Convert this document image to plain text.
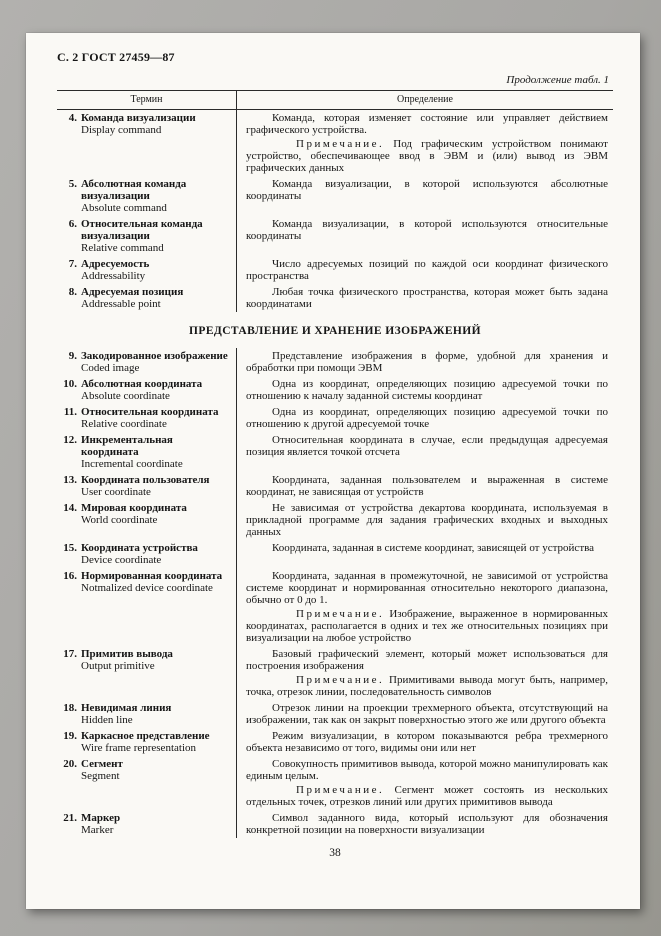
С. 2 ГОСТ 27459—87
Продолжение табл. 1
Термин	Определение
4. Команда визуализации
Display command

Команда, которая изменяет состояние или управляет действием графического устройства.

Примечание. Под графическим устройством понимают устройство, обеспечивающее ввод в ЭВМ и (или) вывод из ЭВМ графических данных

5. Абсолютная команда визуализации
Absolute command

Команда визуализации, в которой используются абсолютные координаты

6. Относительная команда визуализации
Relative command

Команда визуализации, в которой используются относительные координаты

7. Адресуемость
Addressability

Число адресуемых позиций по каждой оси координат физического пространства

8. Адресуемая позиция
Addressable point

Любая точка физического пространства, которая может быть задана координатами

ПРЕДСТАВЛЕНИЕ И ХРАНЕНИЕ ИЗОБРАЖЕНИЙ
9. Закодированное изображение
Coded image

Представление изображения в форме, удобной для хранения и обработки при помощи ЭВМ

10. Абсолютная координата
Absolute coordinate

Одна из координат, определяющих позицию адресуемой точки по отношению к началу заданной системы координат

11. Относительная координата
Relative coordinate

Одна из координат, определяющих позицию адресуемой точки по отношению к другой адресуемой точке

12. Инкрементальная координата
Incremental coordinate

Относительная координата в случае, если предыдущая адресуемая позиция является точкой отсчета

13. Координата пользователя
User coordinate

Координата, заданная пользователем и выраженная в системе координат, не зависящая от устройств

14. Мировая координата
World coordinate

Не зависимая от устройства декартова координата, используемая в прикладной программе для задания графических входных и выходных данных

15. Координата устройства
Device coordinate

Координата, заданная в системе координат, зависящей от устройства

16. Нормированная координата
Notmalized device coordinate

Координата, заданная в промежуточной, не зависимой от устройства системе координат и нормированная относительно некоторого диапазона, обычно от 0 до 1.

Примечание. Изображение, выраженное в нормированных координатах, располагается в одних и тех же относительных позициях при визуализации на любое устройство

17. Примитив вывода
Output primitive

Базовый графический элемент, который может использоваться для построения изображения

Примечание. Примитивами вывода могут быть, например, точка, отрезок линии, последовательность символов

18. Невидимая линия
Hidden line

Отрезок линии на проекции трехмерного объекта, отсутствующий на изображении, так как он закрыт поверхностью этого же или другого объекта

19. Каркасное представление
Wire frame representation

Режим визуализации, в котором показываются ребра трехмерного объекта независимо от того, видимы они или нет

20. Сегмент
Segment

Совокупность примитивов вывода, которой можно манипулировать как единым целым.

Примечание. Сегмент может состоять из нескольких отдельных точек, отрезков линий или других примитивов вывода

21. Маркер
Marker

Символ заданного вида, который используют для обозначения конкретной позиции на поверхности визуализации

38
